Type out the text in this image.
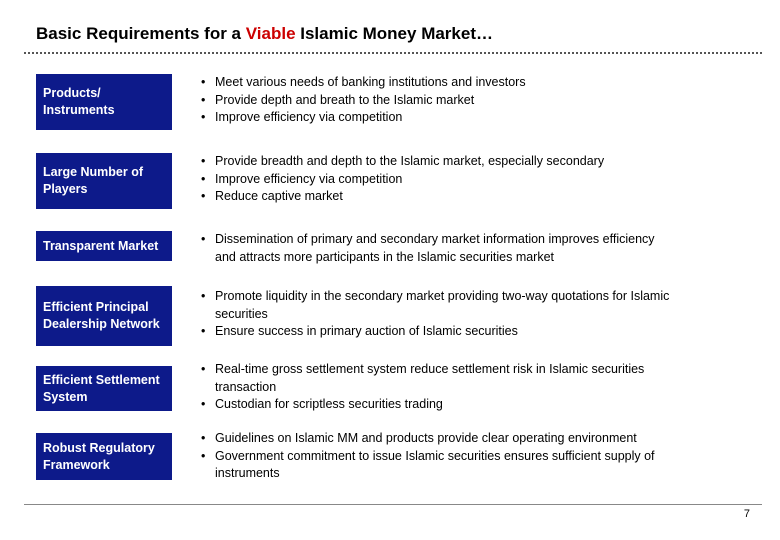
Basic Requirements for a Viable Islamic Money Market…
Products/ Instruments
• Meet various needs of banking institutions and investors
• Provide depth and breath to the Islamic market
• Improve efficiency via competition
Large Number of Players
• Provide breadth and depth to the Islamic market, especially secondary
• Improve efficiency via competition
• Reduce captive market
Transparent Market
•	Dissemination of primary and secondary market information improves efficiency and attracts more participants in the Islamic securities market
Efficient Principal Dealership Network
• Promote liquidity in the secondary market providing two-way quotations for Islamic securities
• Ensure success in primary auction of Islamic securities
Efficient Settlement System
• Real-time gross settlement system reduce settlement risk in Islamic securities transaction
• Custodian for scriptless securities trading
Robust Regulatory Framework
• Guidelines on Islamic MM and products provide clear operating environment
• Government commitment to issue Islamic securities ensures sufficient supply of instruments
7
